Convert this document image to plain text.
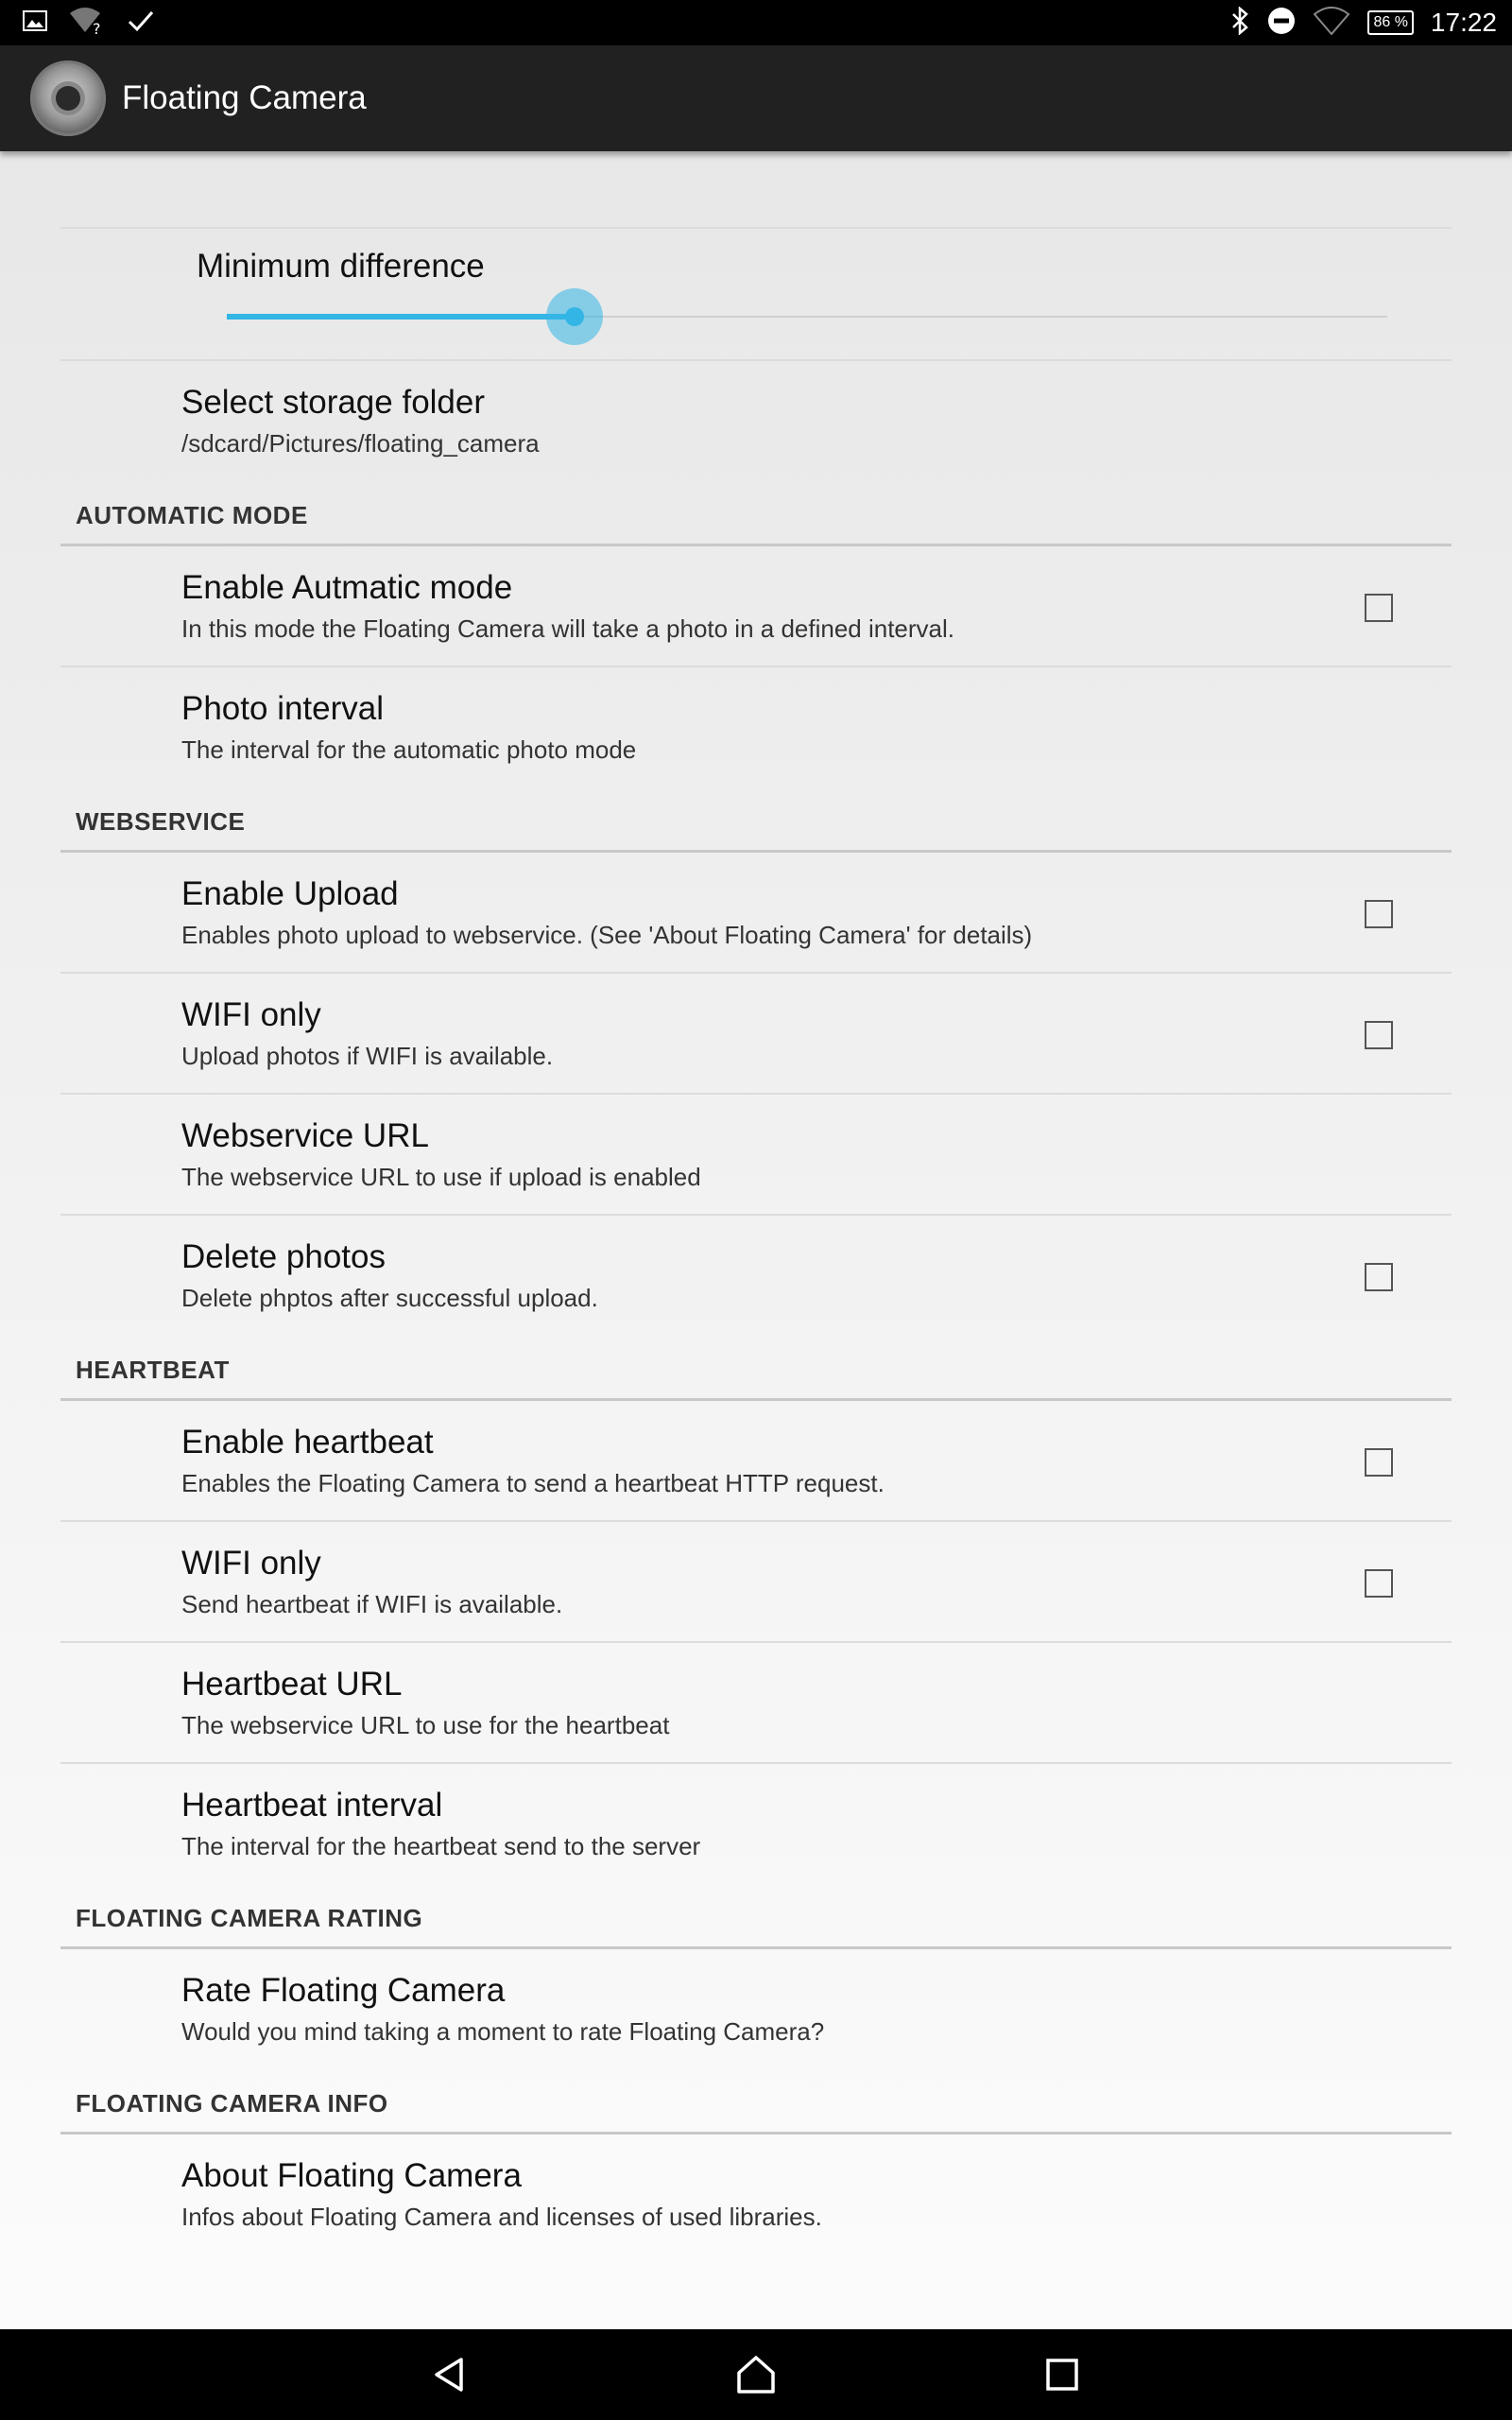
?	86 % 17:22
Floating Camera
Minimum difference
Select storage folder
/sdcard/Pictures/floating_camera
AUTOMATIC MODE
Enable Autmatic mode
In this mode the Floating Camera will take a photo in a defined interval.
Photo interval
The interval for the automatic photo mode
WEBSERVICE
Enable Upload
Enables photo upload to webservice. (See 'About Floating Camera' for details)
WIFI only
Upload photos if WIFI is available.
Webservice URL
The webservice URL to use if upload is enabled
Delete photos
Delete phptos after successful upload.
HEARTBEAT
Enable heartbeat
Enables the Floating Camera to send a heartbeat HTTP request.
WIFI only
Send heartbeat if WIFI is available.
Heartbeat URL
The webservice URL to use for the heartbeat
Heartbeat interval
The interval for the heartbeat send to the server
FLOATING CAMERA RATING
Rate Floating Camera
Would you mind taking a moment to rate Floating Camera?
FLOATING CAMERA INFO
About Floating Camera
Infos about Floating Camera and licenses of used libraries.
